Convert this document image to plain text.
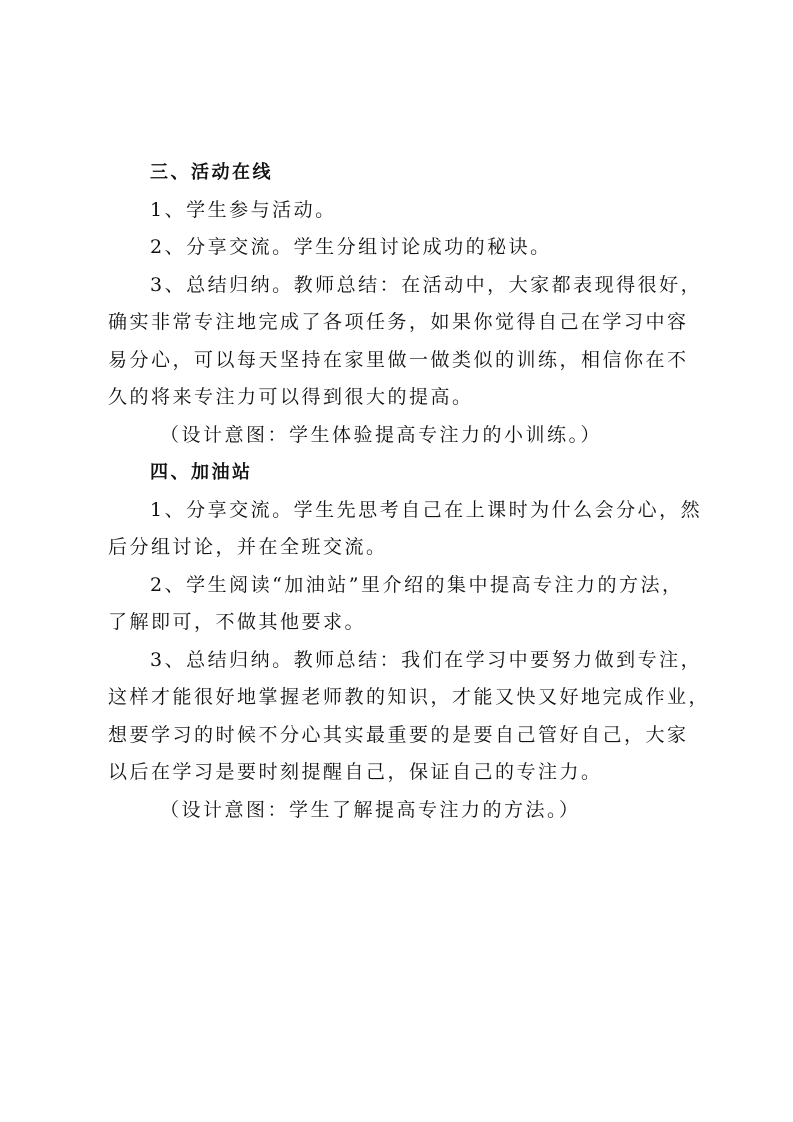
三、活动在线
1、学生参与活动。
2、分享交流。学生分组讨论成功的秘诀。
3、总结归纳。教师总结：在活动中，大家都表现得很好，
确实非常专注地完成了各项任务，如果你觉得自己在学习中容
易分心，可以每天坚持在家里做一做类似的训练，相信你在不
久的将来专注力可以得到很大的提高。
（设计意图：学生体验提高专注力的小训练。）
四、加油站
1、分享交流。学生先思考自己在上课时为什么会分心，然
后分组讨论，并在全班交流。
2、学生阅读“加油站”里介绍的集中提高专注力的方法，
了解即可，不做其他要求。
3、总结归纳。教师总结：我们在学习中要努力做到专注，
这样才能很好地掌握老师教的知识，才能又快又好地完成作业，
想要学习的时候不分心其实最重要的是要自己管好自己，大家
以后在学习是要时刻提醒自己，保证自己的专注力。
（设计意图：学生了解提高专注力的方法。）
